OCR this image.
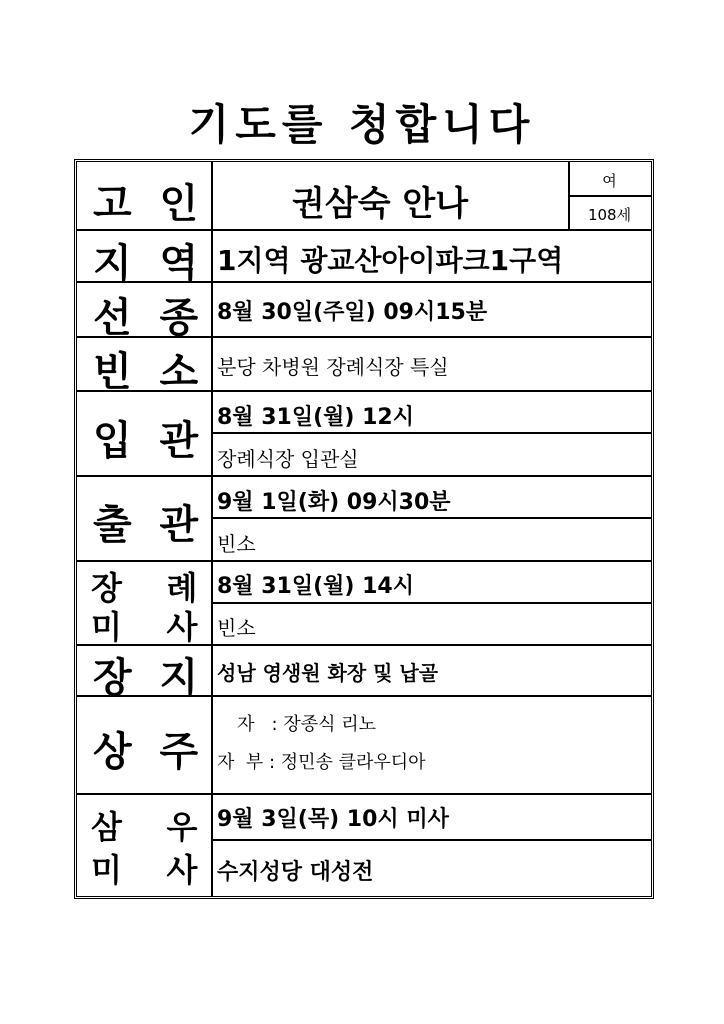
기도를 청합니다
고  인	권삼숙 안나
여
108세
지  역 1지역 광교산아이파크1구역
선  종 8월 30일(주일) 09시15분
빈  소 분당 차병원 장례식장 특실
입  관 8월 31일(월) 12시
장례식장 입관실
출  관 9월 1일(화) 09시30분
빈소
장    례
미    사
8월 31일(월) 14시
빈소
장  지 성남 영생원 화장 및 납골
상  주
자   : 장종식 리노
자  부 : 정민송 클라우디아
삼    우
미    사
9월 3일(목) 10시 미사
수지성당 대성전
